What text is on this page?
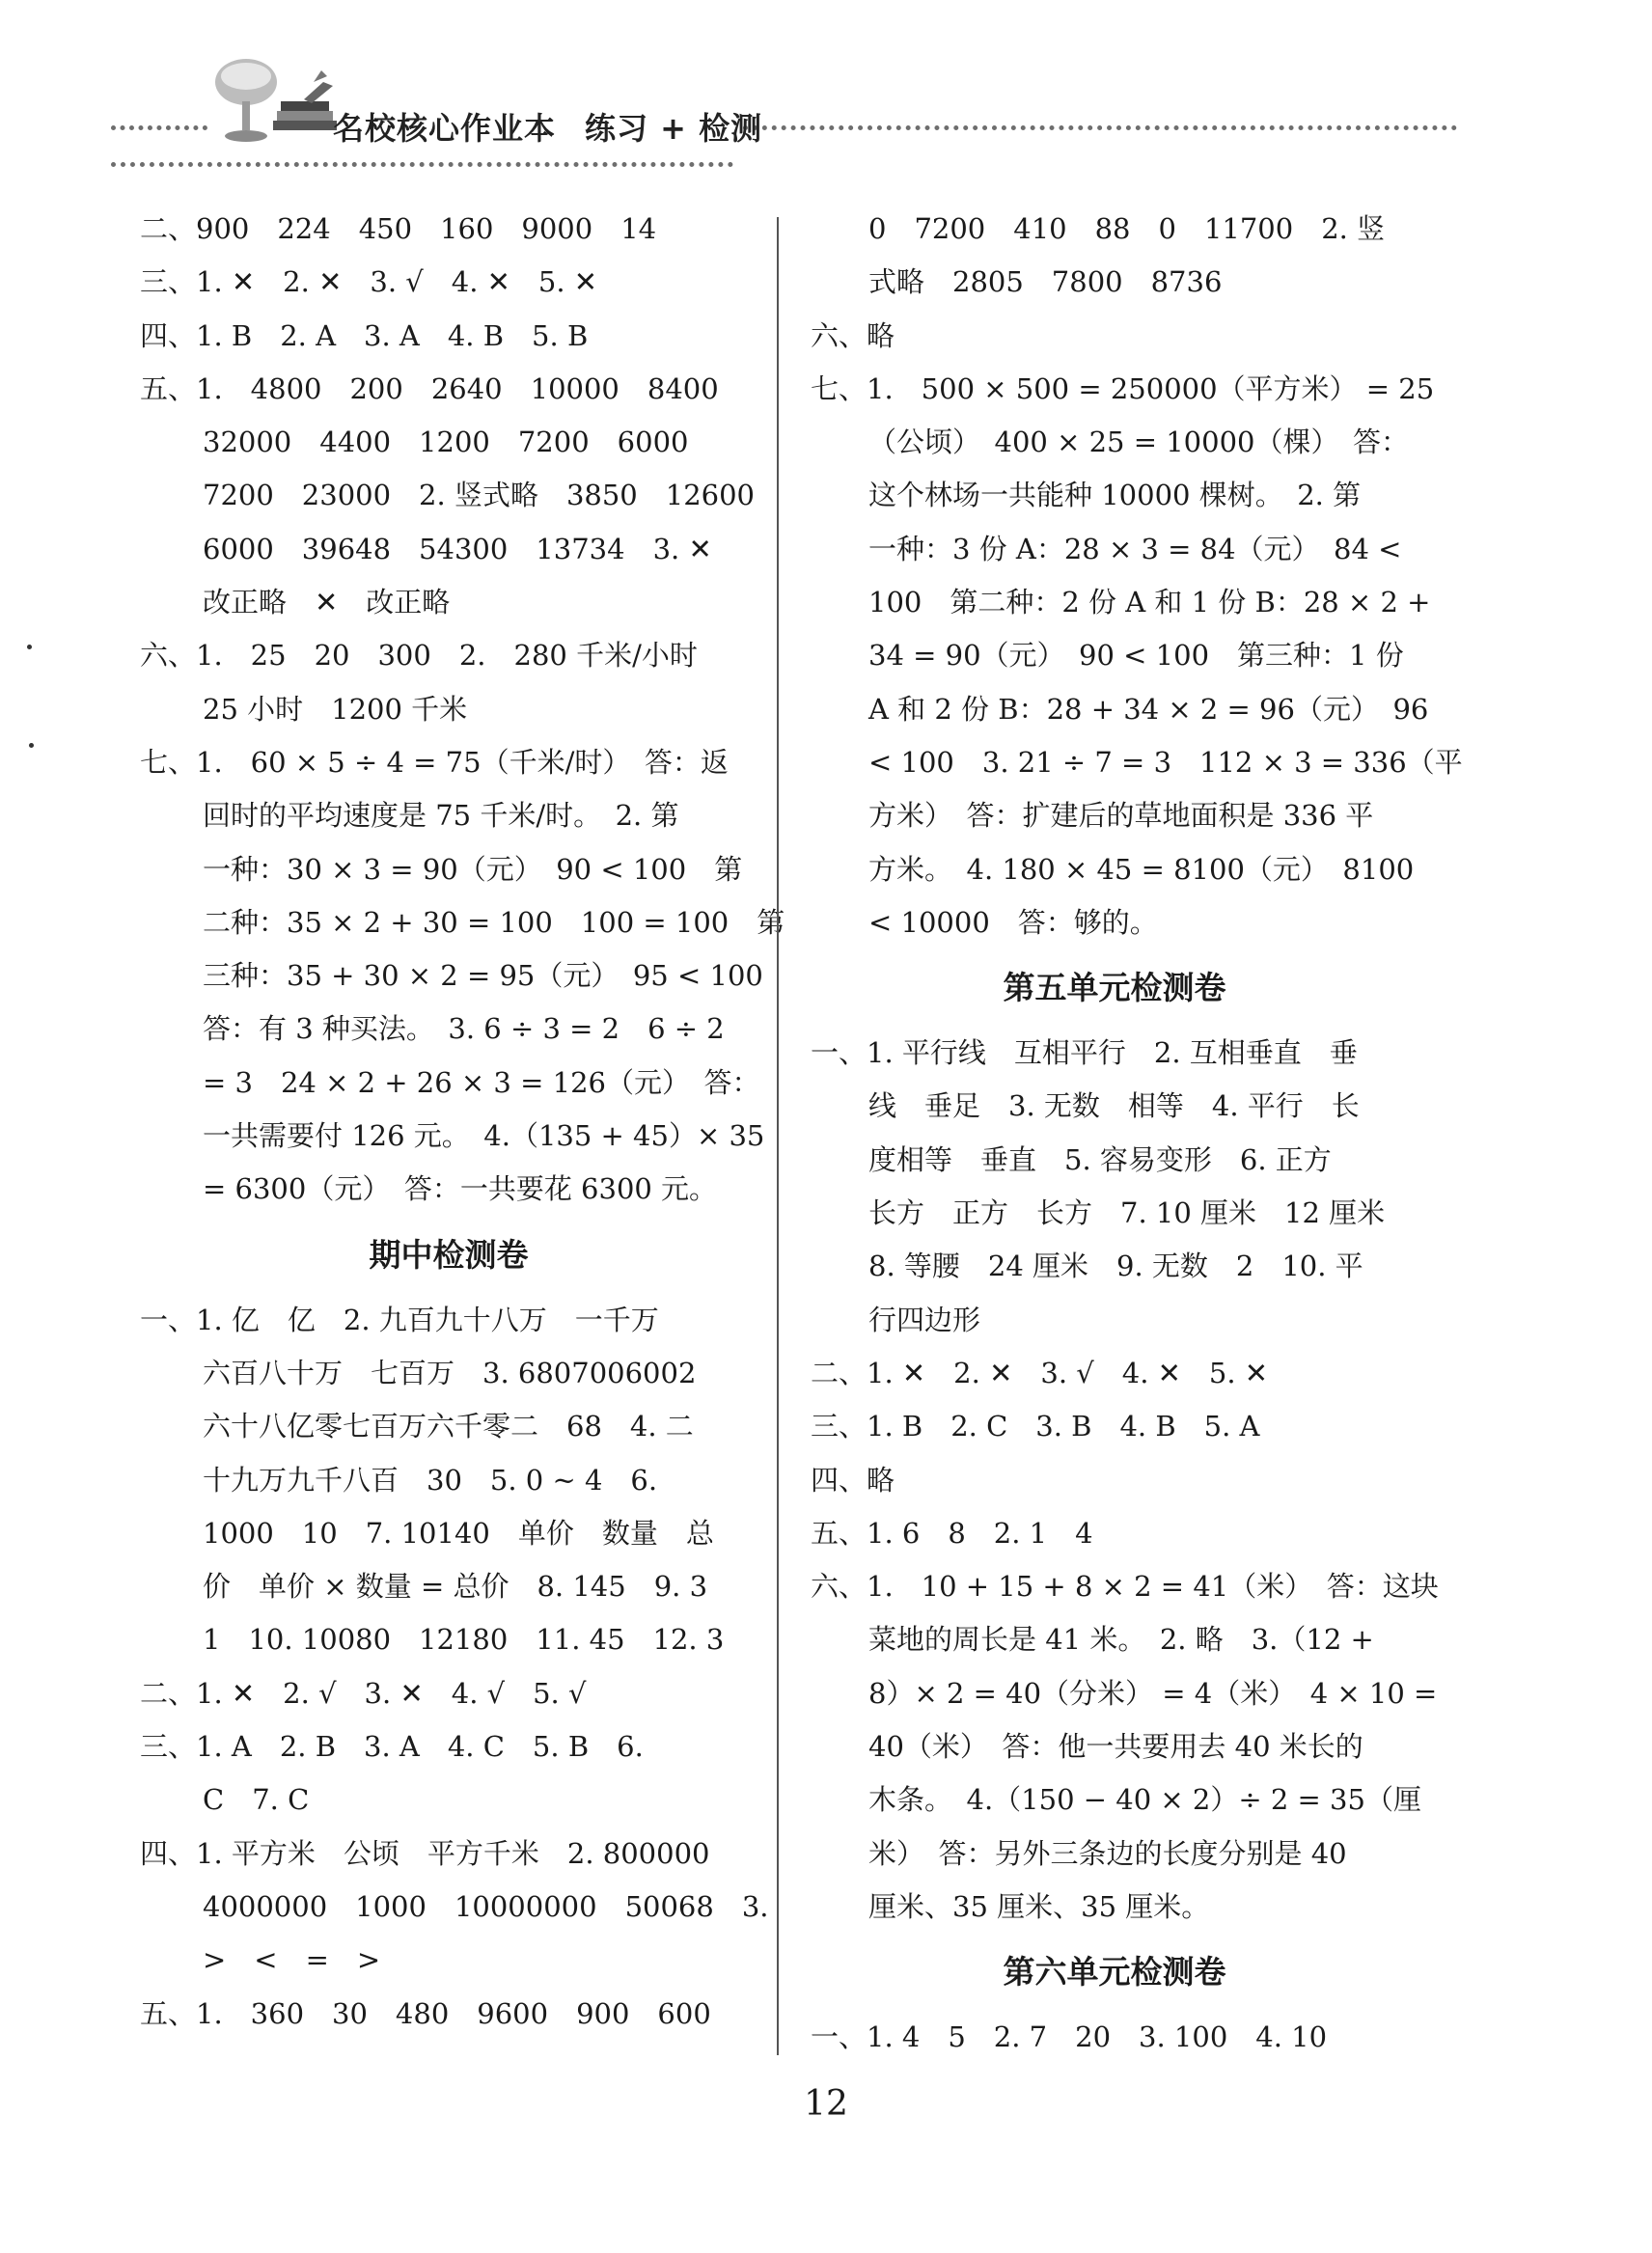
名校核心作业本 练习 + 检测
二、900　224　450　160　9000　14
三、1. ✕　2. ✕　3. √　4. ✕　5. ✕
四、1. B　2. A　3. A　4. B　5. B
五、1.　4800　200　2640　10000　8400
32000　4400　1200　7200　6000
7200　23000　2. 竖式略　3850　12600
6000　39648　54300　13734　3. ✕
改正略　✕　改正略
六、1.　25　20　300　2.　280 千米/小时
25 小时　1200 千米
七、1.　60 × 5 ÷ 4 = 75（千米/时）　答：返
回时的平均速度是 75 千米/时。　2. 第
一种：30 × 3 = 90（元）　90 < 100　第
二种：35 × 2 + 30 = 100　100 = 100　第
三种：35 + 30 × 2 = 95（元）　95 < 100
答：有 3 种买法。　3. 6 ÷ 3 = 2　6 ÷ 2
= 3　24 × 2 + 26 × 3 = 126（元）　答：
一共需要付 126 元。　4.（135 + 45）× 35
= 6300（元）　答：一共要花 6300 元。
期中检测卷
一、1. 亿　亿　2. 九百九十八万　一千万
六百八十万　七百万　3. 6807006002
六十八亿零七百万六千零二　68　4. 二
十九万九千八百　30　5. 0 ~ 4　6.
1000　10　7. 10140　单价　数量　总
价　单价 × 数量 = 总价　8. 145　9. 3
1　10. 10080　12180　11. 45　12. 3
二、1. ✕　2. √　3. ✕　4. √　5. √
三、1. A　2. B　3. A　4. C　5. B　6.
C　7. C
四、1. 平方米　公顷　平方千米　2. 800000
4000000　1000　10000000　50068　3.
>　<　=　>
五、1.　360　30　480　9600　900　600
0　7200　410　88　0　11700　2. 竖
式略　2805　7800　8736
六、略
七、1.　500 × 500 = 250000（平方米） = 25
（公顷）　400 × 25 = 10000（棵）　答：
这个林场一共能种 10000 棵树。　2. 第
一种：3 份 A：28 × 3 = 84（元）　84 <
100　第二种：2 份 A 和 1 份 B：28 × 2 +
34 = 90（元）　90 < 100　第三种：1 份
A 和 2 份 B：28 + 34 × 2 = 96（元）　96
< 100　3. 21 ÷ 7 = 3　112 × 3 = 336（平
方米）　答：扩建后的草地面积是 336 平
方米。　4. 180 × 45 = 8100（元）　8100
< 10000　答：够的。
第五单元检测卷
一、1. 平行线　互相平行　2. 互相垂直　垂
线　垂足　3. 无数　相等　4. 平行　长
度相等　垂直　5. 容易变形　6. 正方
长方　正方　长方　7. 10 厘米　12 厘米
8. 等腰　24 厘米　9. 无数　2　10. 平
行四边形
二、1. ✕　2. ✕　3. √　4. ✕　5. ✕
三、1. B　2. C　3. B　4. B　5. A
四、略
五、1. 6　8　2. 1　4
六、1.　10 + 15 + 8 × 2 = 41（米）　答：这块
菜地的周长是 41 米。　2. 略　3.（12 +
8）× 2 = 40（分米） = 4（米）　4 × 10 =
40（米）　答：他一共要用去 40 米长的
木条。　4.（150 − 40 × 2）÷ 2 = 35（厘
米）　答：另外三条边的长度分别是 40
厘米、35 厘米、35 厘米。
第六单元检测卷
一、1. 4　5　2. 7　20　3. 100　4. 10
12
